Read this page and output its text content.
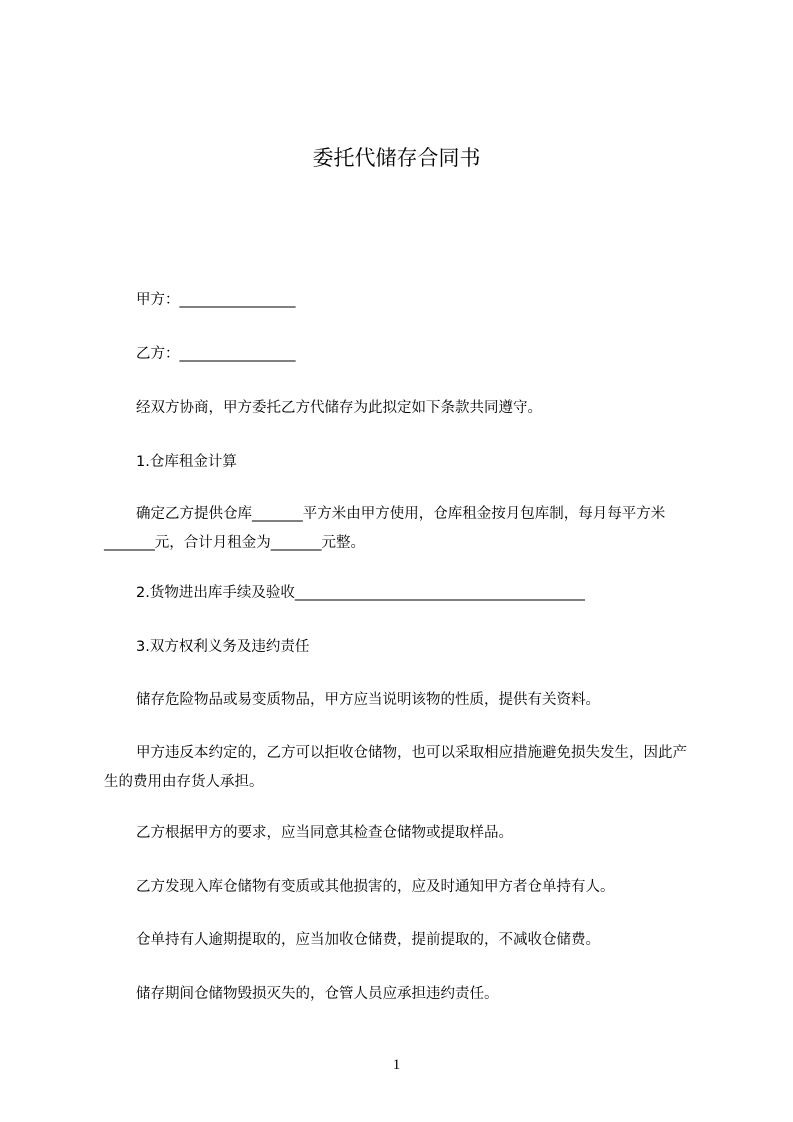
委托代储存合同书
甲方：________________
乙方：________________
经双方协商，甲方委托乙方代储存为此拟定如下条款共同遵守。
1.仓库租金计算
确定乙方提供仓库_______平方米由甲方使用，仓库租金按月包库制，每月每平方米_______元，合计月租金为_______元整。
2.货物进出库手续及验收________________________________________
3.双方权利义务及违约责任
储存危险物品或易变质物品，甲方应当说明该物的性质，提供有关资料。
甲方违反本约定的，乙方可以拒收仓储物，也可以采取相应措施避免损失发生，因此产生的费用由存货人承担。
乙方根据甲方的要求，应当同意其检查仓储物或提取样品。
乙方发现入库仓储物有变质或其他损害的，应及时通知甲方者仓单持有人。
仓单持有人逾期提取的，应当加收仓储费，提前提取的，不减收仓储费。
储存期间仓储物毁损灭失的，仓管人员应承担违约责任。
1
